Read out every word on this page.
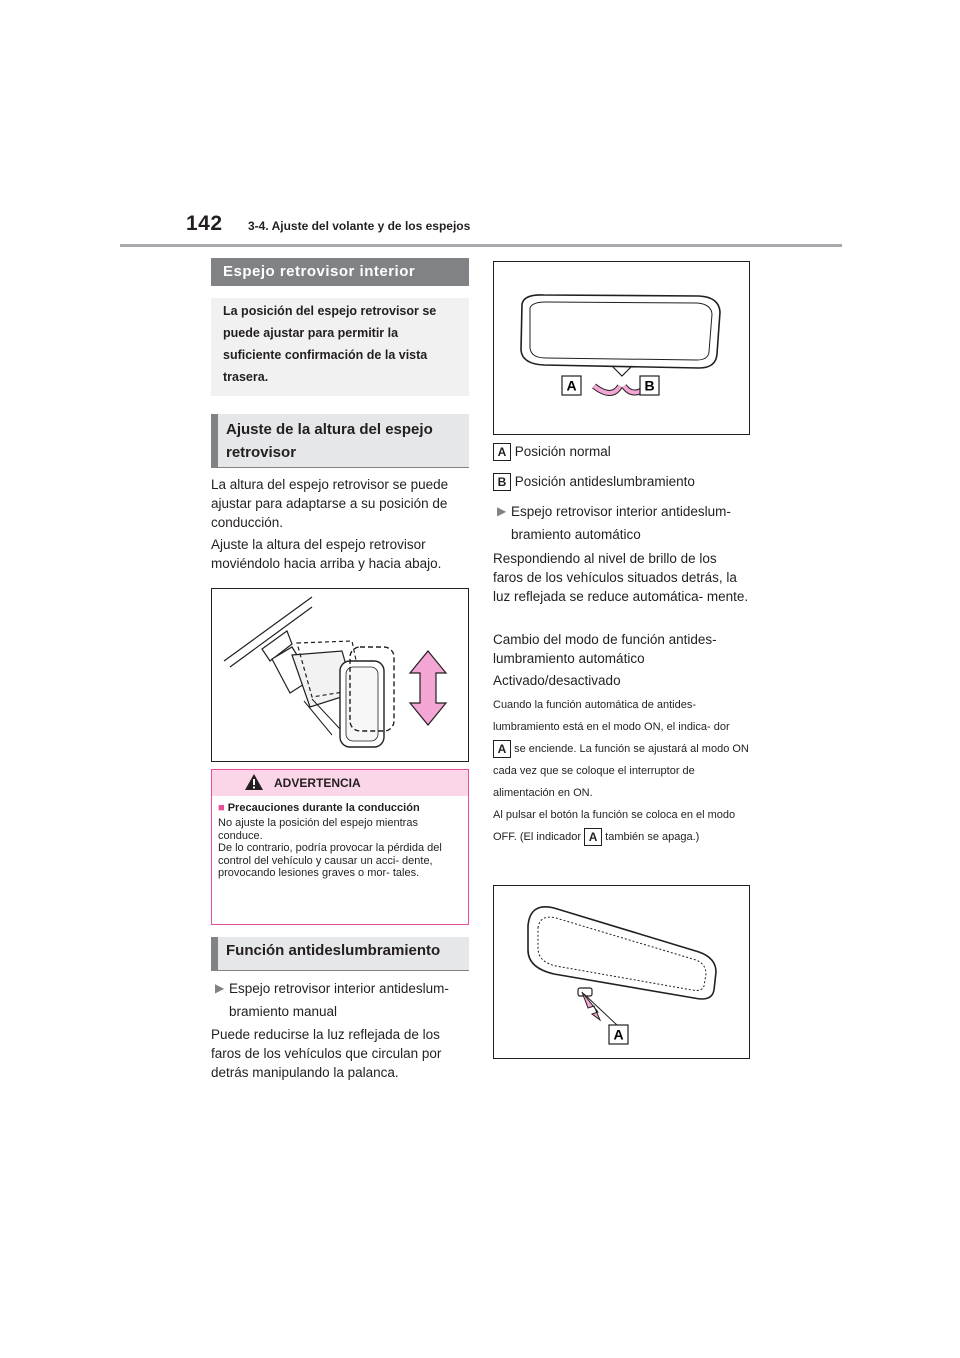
142 3-4. Ajuste del volante y de los espejos
Espejo retrovisor interior
La posición del espejo retrovisor se puede ajustar para permitir la suficiente confirmación de la vista trasera.
Ajuste de la altura del espejo retrovisor
La altura del espejo retrovisor se puede ajustar para adaptarse a su posición de conducción.
Ajuste la altura del espejo retrovisor moviéndolo hacia arriba y hacia abajo.
ADVERTENCIA
■ Precauciones durante la conducción
No ajuste la posición del espejo mientras conduce.
De lo contrario, podría provocar la pérdida del control del vehículo y causar un acci- dente, provocando lesiones graves o mor- tales.
Función antideslumbramiento
▶ Espejo retrovisor interior antideslum- bramiento manual
Puede reducirse la luz reflejada de los faros de los vehículos que circulan por detrás manipulando la palanca.
A	B
A Posición normal
B Posición antideslumbramiento
▶ Espejo retrovisor interior antideslum- bramiento automático
Respondiendo al nivel de brillo de los faros de los vehículos situados detrás, la luz reflejada se reduce automática- mente.
Cambio del modo de función antides- lumbramiento automático
Activado/desactivado
Cuando la función automática de antides- lumbramiento está en el modo ON, el indica- dor A se enciende. La función se ajustará al modo ON cada vez que se coloque el interruptor de alimentación en ON.
Al pulsar el botón la función se coloca en el modo OFF. (El indicador A también se apaga.)
A
